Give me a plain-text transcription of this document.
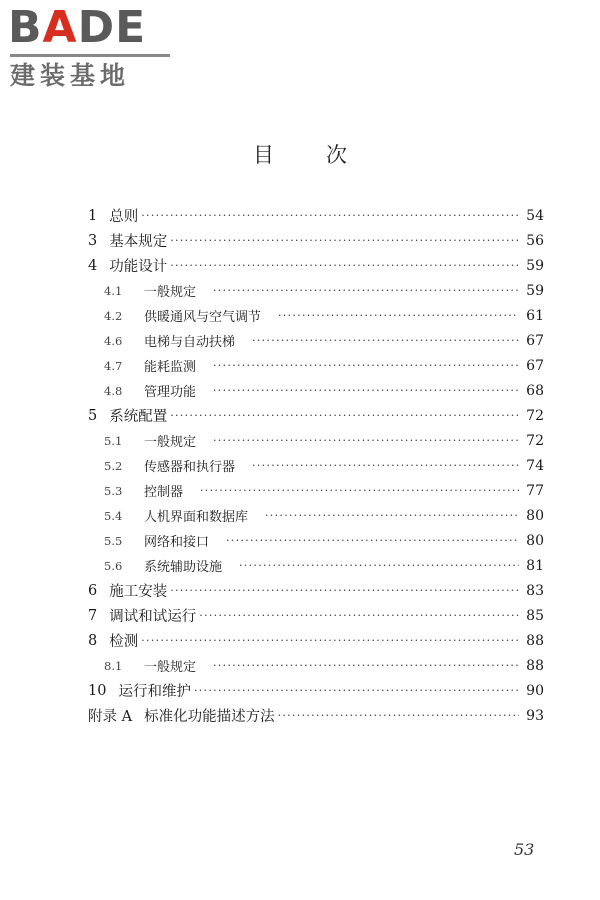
BADE
建装基地
目 次
1 总则 ·····	54
3 基本规定 ·····	56
4 功能设计 ·····	59
4.1	一般规定 ·····	59
4.2	供暖通风与空气调节 ·····	61
4.6	电梯与自动扶梯 ·····	67
4.7	能耗监测 ·····	67
4.8	管理功能 ·····	68
5 系统配置 ·····	72
5.1	一般规定 ·····	72
5.2	传感器和执行器 ·····	74
5.3	控制器 ·····	77
5.4	人机界面和数据库 ·····	80
5.5	网络和接口 ·····	80
5.6	系统辅助设施 ·····	81
6 施工安装 ·····	83
7 调试和试运行 ·····	85
8 检测 ·····	88
8.1	一般规定 ·····	88
10 运行和维护 ·····	90
附录 A 标准化功能描述方法 ·····	93
53
